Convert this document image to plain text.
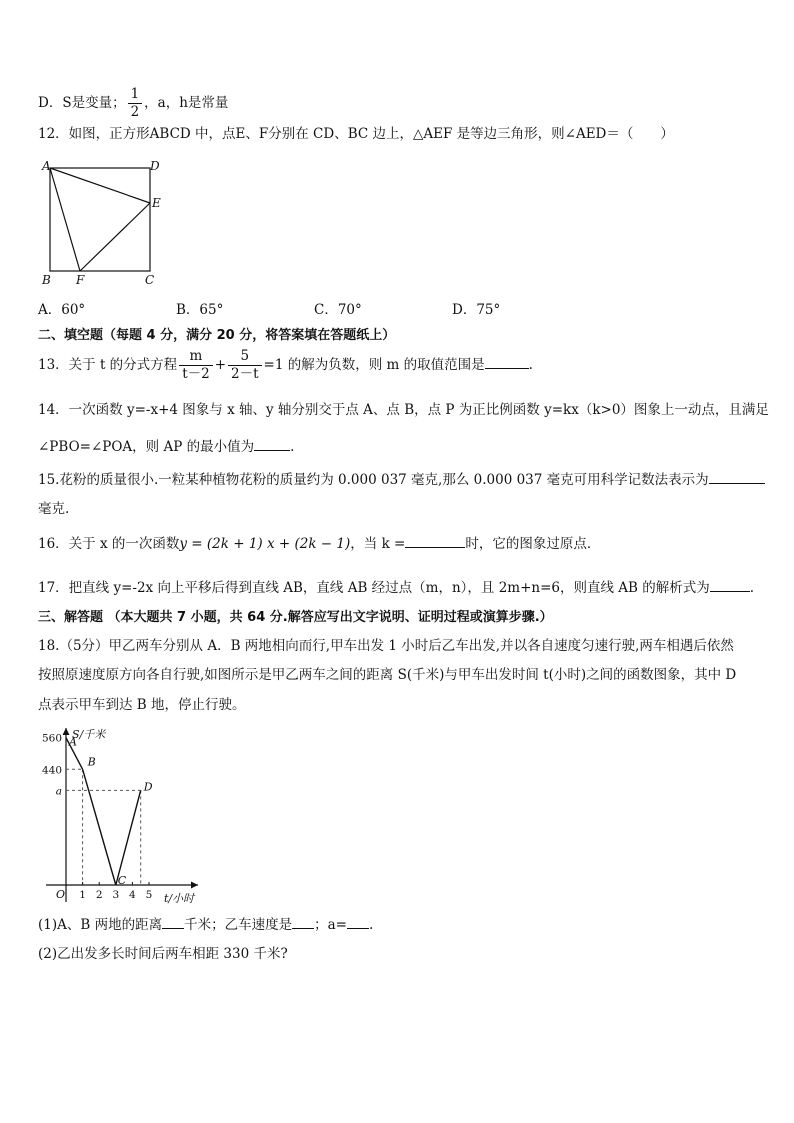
D．S是变量； $\frac{1}{2}$ ，a，h是常量
12．如图，正方形ABCD 中，点E、F分别在 CD、BC 边上，△AEF 是等边三角形，则∠AED＝（　　）
A	D
E
B F	C
A．60°	B．65°	C．70°	D．75°
二、填空题（每题 4 分，满分 20 分，将答案填在答题纸上）
13．关于 t 的分式方程 $\frac{m}{t-2} + \frac{5}{2-t} =1$ 的解为负数，则 m 的取值范围是	.
14．一次函数 y=-x+4 图象与 x 轴、y 轴分别交于点 A、点 B，点 P 为正比例函数 y=kx（k>0）图象上一动点，且满足
∠PBO=∠POA，则 AP 的最小值为	.
15.花粉的质量很小.一粒某种植物花粉的质量约为 0.000 037 毫克,那么 0.000 037 毫克可用科学记数法表示为
毫克.
16．关于 x 的一次函数y = (2k + 1) x + (2k − 1)，当 k =	时，它的图象过原点．
17．把直线 y=-2x 向上平移后得到直线 AB，直线 AB 经过点（m，n），且 2m+n=6，则直线 AB 的解析式为	.
三、解答题 （本大题共 7 小题，共 64 分.解答应写出文字说明、证明过程或演算步骤.）
18.（5分）甲乙两车分别从 A．B 两地相向而行,甲车出发 1 小时后乙车出发,并以各自速度匀速行驶,两车相遇后依然
按照原速度原方向各自行驶,如图所示是甲乙两车之间的距离 S(千米)与甲车出发时间 t(小时)之间的函数图象，其中 D
点表示甲车到达 B 地，停止行驶。
560
440
a
1 2 3 4 5
A
B
C
D
S/千米
t/小时
O
(1)A、B 两地的距离 千米；乙车速度是 ；a= .
(2)乙出发多长时间后两车相距 330 千米?
